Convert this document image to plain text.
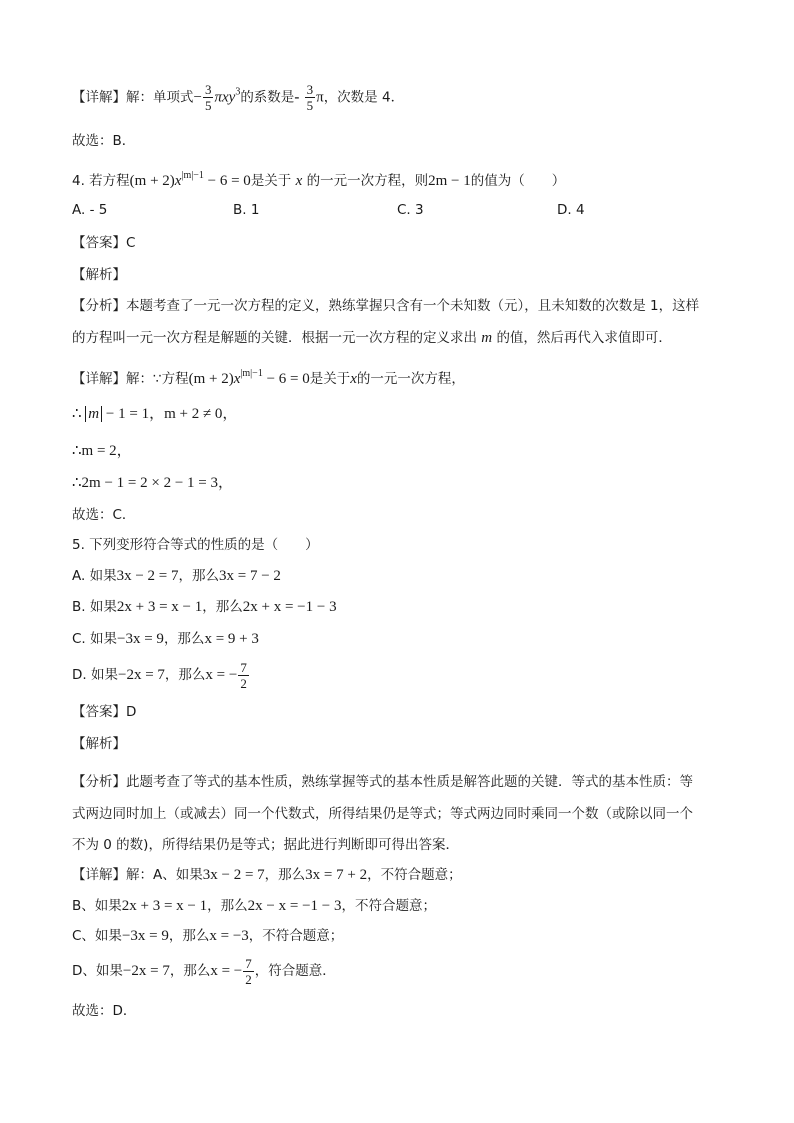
【详解】解：单项式− $\frac{3}{5} \pi xy^3$的系数是- $\frac{3}{5}$ π，次数是 4．
故选：B．
4. 若方程$(m + 2)x^{|m|-1} - 6 = 0$是关于 x 的一元一次方程，则2m − 1的值为（　　）
A. - 5	B. 1	C. 3	D. 4
【答案】C
【解析】
【分析】本题考查了一元一次方程的定义，熟练掌握只含有一个未知数（元），且未知数的次数是 1，这样
的方程叫一元一次方程是解题的关键．根据一元一次方程的定义求出 m 的值，然后再代入求值即可．
【详解】解：∵方程$(m + 2)x^{|m|-1} - 6 = 0$是关于x的一元一次方程，
∴ m − 1 = 1，m + 2 ≠ 0，
∴m = 2，
∴2m − 1 = 2 × 2 − 1 = 3，
故选：C．
5. 下列变形符合等式的性质的是（　　）
A. 如果3x − 2 = 7，那么3x = 7 − 2
B. 如果2x + 3 = x − 1，那么2x + x = −1 − 3
C. 如果−3x = 9，那么x = 9 + 3
D. 如果−2x = 7，那么x = − $\frac{7}{2}$
【答案】D
【解析】
【分析】此题考查了等式的基本性质，熟练掌握等式的基本性质是解答此题的关键．等式的基本性质：等
式两边同时加上（或减去）同一个代数式，所得结果仍是等式；等式两边同时乘同一个数（或除以同一个
不为 0 的数)，所得结果仍是等式；据此进行判断即可得出答案．
【详解】解：A、如果3x − 2 = 7，那么3x = 7 + 2，不符合题意；
B、如果2x + 3 = x − 1，那么2x − x = −1 − 3，不符合题意；
C、如果−3x = 9，那么x = −3，不符合题意；
D、如果−2x = 7，那么x = − $\frac{7}{2}$ ，符合题意．
故选：D．
